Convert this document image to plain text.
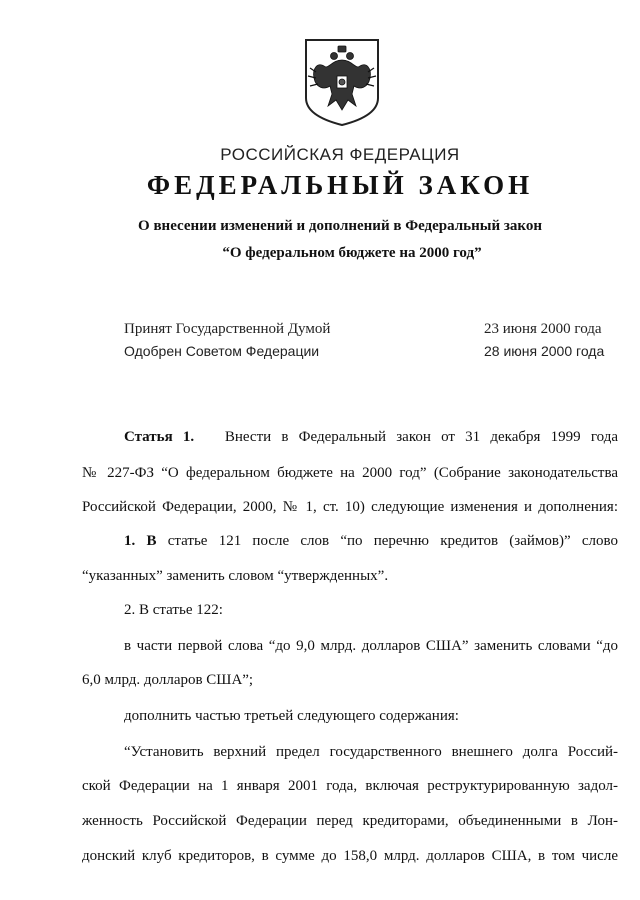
РОССИЙСКАЯ ФЕДЕРАЦИЯ
ФЕДЕРАЛЬНЫЙ ЗАКОН
О внесении изменений и дополнений в Федеральный закон
“О федеральном бюджете на 2000 год”
Принят Государственной Думой	23 июня 2000 года
Одобрен Советом Федерации	28 июня 2000 года
Статья 1. Внести в Федеральный закон от 31 декабря 1999 года
№ 227-ФЗ “О федеральном бюджете на 2000 год” (Собрание законодательства
Российской Федерации, 2000, № 1, ст. 10) следующие изменения и дополнения:
1. В статье 121 после слов “по перечню кредитов (займов)” слово
“указанных” заменить словом “утвержденных”.
2. В статье 122:
в части первой слова “до 9,0 млрд. долларов США” заменить словами “до
6,0 млрд. долларов США”;
дополнить частью третьей следующего содержания:
“Установить верхний предел государственного внешнего долга Россий-
ской Федерации на 1 января 2001 года, включая реструктурированную задол-
женность Российской Федерации перед кредиторами, объединенными в Лон-
донский клуб кредиторов, в сумме до 158,0 млрд. долларов США, в том числе
